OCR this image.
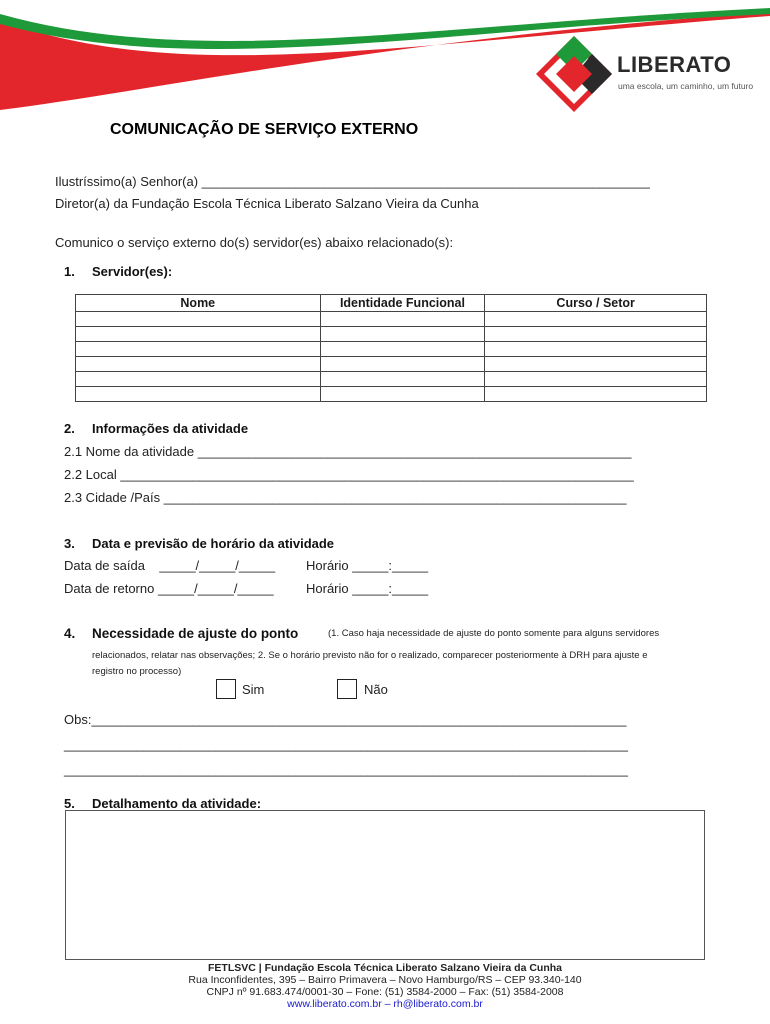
LIBERATO
uma escola, um caminho, um futuro
COMUNICAÇÃO DE SERVIÇO EXTERNO
Ilustríssimo(a) Senhor(a) ______________________________________________________________
Diretor(a) da Fundação Escola Técnica Liberato Salzano Vieira da Cunha
Comunico o serviço externo do(s) servidor(es) abaixo relacionado(s):
1. Servidor(es):
Nome	Identidade Funcional	Curso / Setor

2. Informações da atividade
2.1 Nome da atividade ____________________________________________________________
2.2 Local _______________________________________________________________________
2.3 Cidade /País ________________________________________________________________
3. Data e previsão de horário da atividade
Data de saída    _____/_____/_____ Horário _____:_____
Data de retorno _____/_____/_____ Horário _____:_____
4. Necessidade de ajuste do ponto	(1. Caso haja necessidade de ajuste do ponto somente para alguns servidores
relacionados, relatar nas observações; 2. Se o horário previsto não for o realizado, comparecer posteriormente à DRH para ajuste e
registro no processo)
Sim	Não
Obs:__________________________________________________________________________
______________________________________________________________________________
______________________________________________________________________________
5. Detalhamento da atividade:
FETLSVC | Fundação Escola Técnica Liberato Salzano Vieira da Cunha
Rua Inconfidentes, 395 – Bairro Primavera – Novo Hamburgo/RS – CEP 93.340-140
CNPJ nº 91.683.474/0001-30 – Fone: (51) 3584-2000 – Fax: (51) 3584-2008
www.liberato.com.br – rh@liberato.com.br
